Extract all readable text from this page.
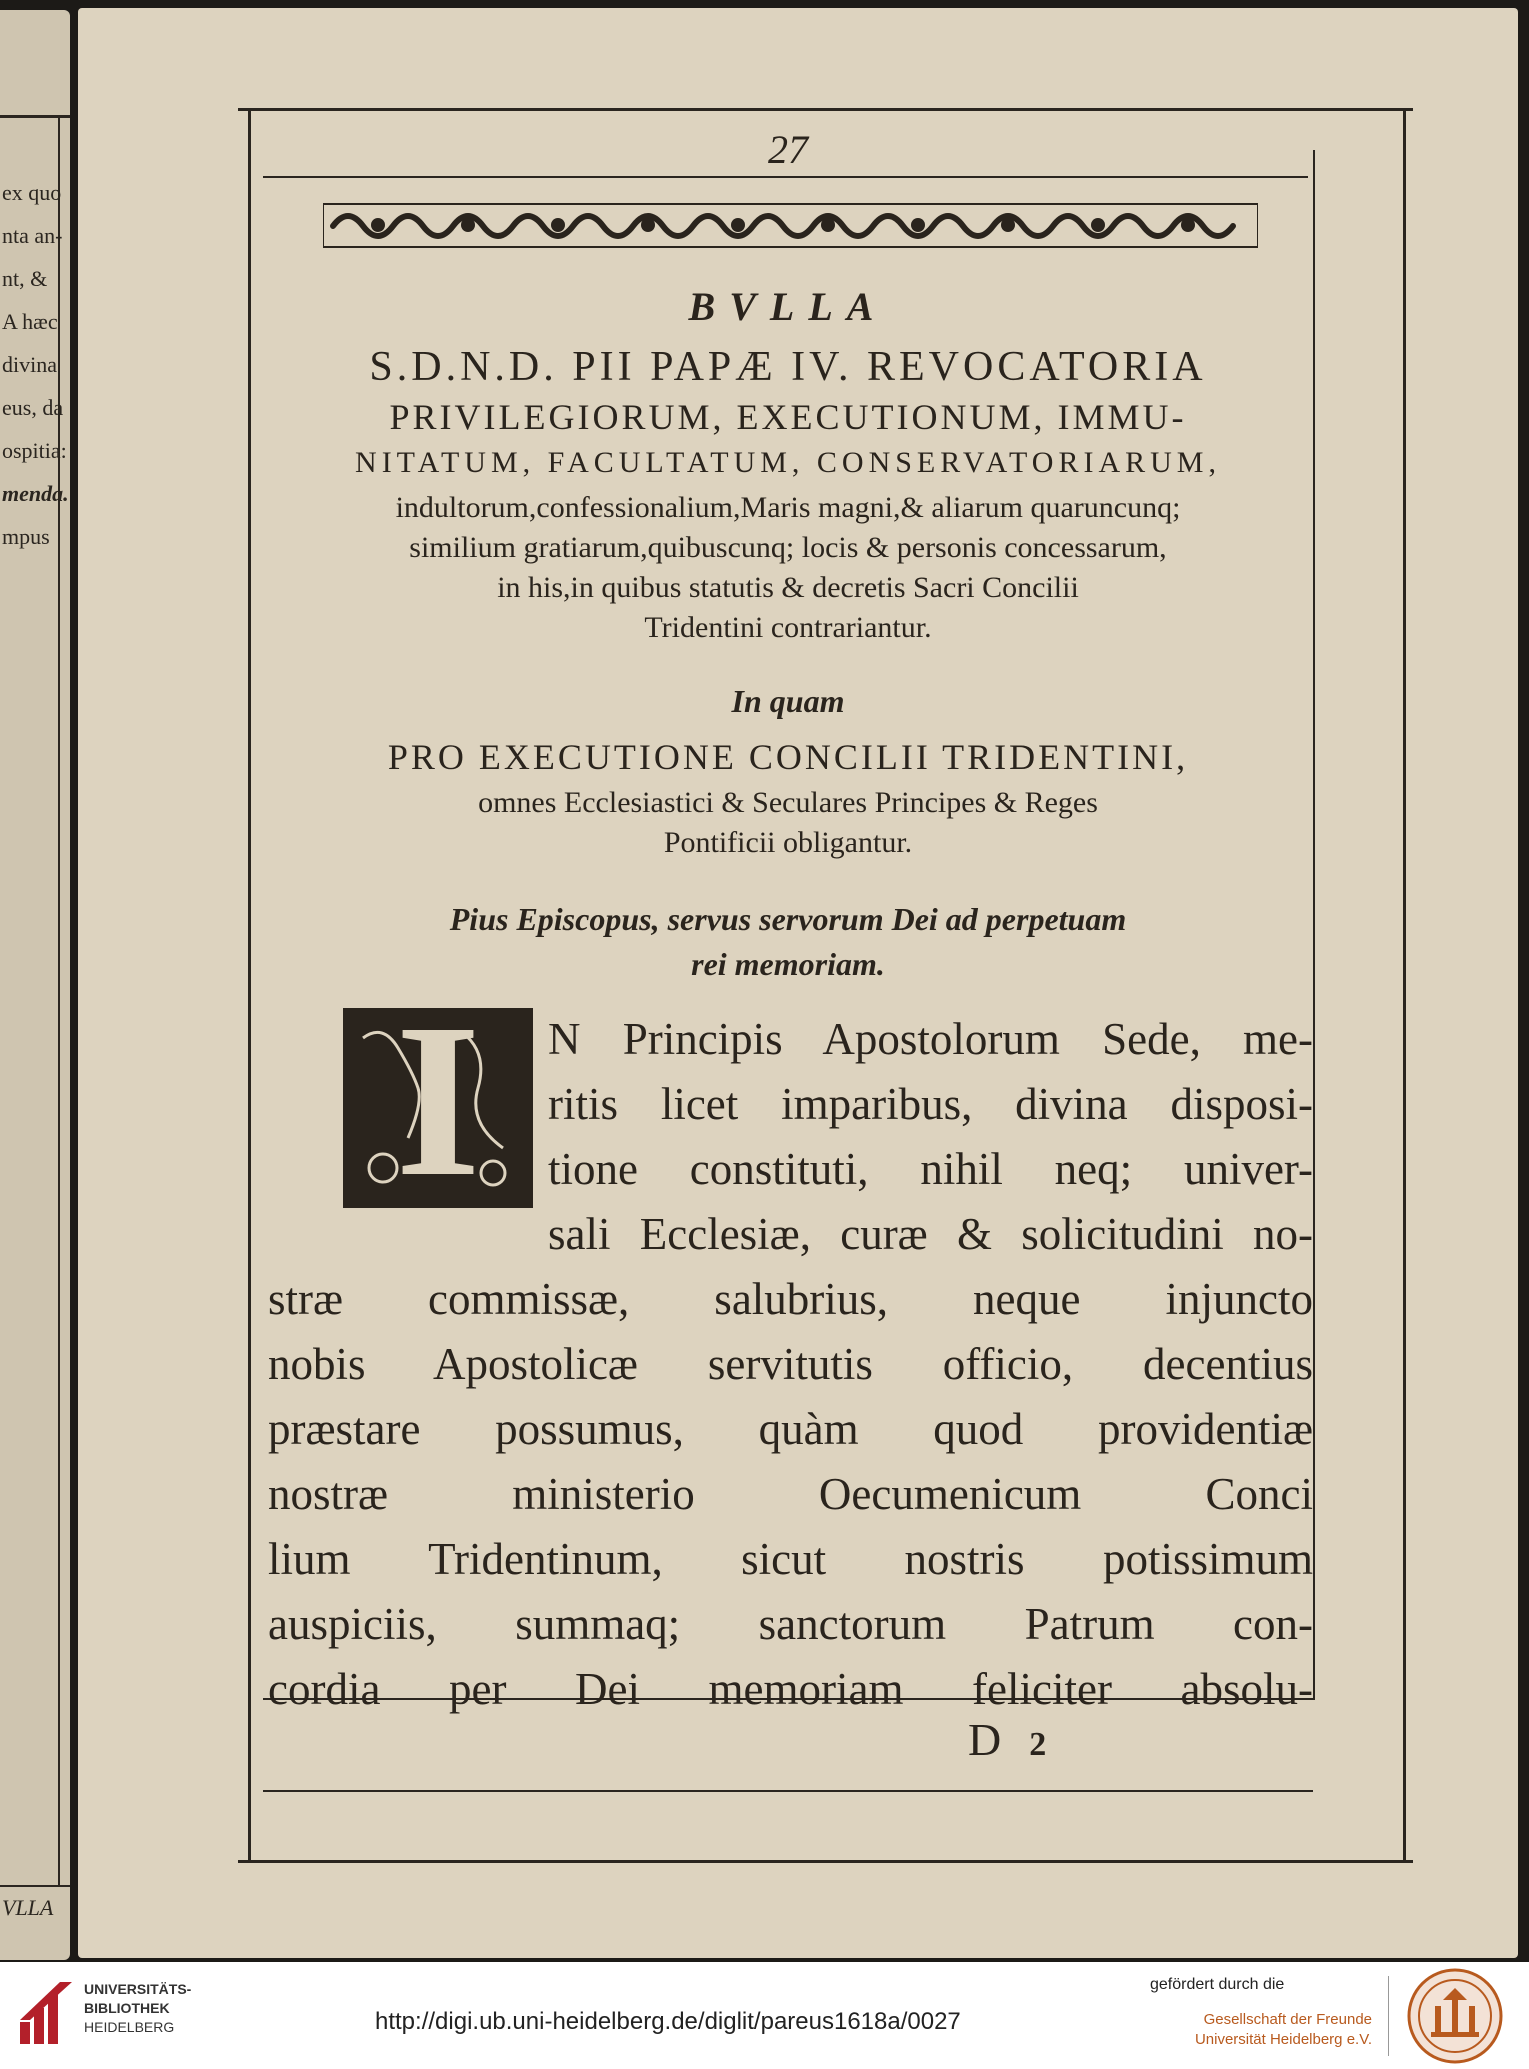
ex quo
nta an-
nt, &
A hæc
divina
eus, da
ospitia:
menda.
mpus
VLLA
27
BVLLA
S.D.N.D. PII PAPÆ IV. REVOCATORIA
PRIVILEGIORUM, EXECUTIONUM, IMMU-
NITATUM, FACULTATUM, CONSERVATORIARUM,
indultorum,confessionalium,Maris magni,& aliarum quaruncunq;
similium gratiarum,quibuscunq; locis & personis concessarum,
in his,in quibus statutis & decretis Sacri Concilii
Tridentini contrariantur.
In quam
PRO EXECUTIONE CONCILII TRIDENTINI,
omnes Ecclesiastici & Seculares Principes & Reges
Pontificii obligantur.
Pius Episcopus, servus servorum Dei ad perpetuam
rei memoriam.
I	N Principis Apostolorum Sede, me-
ritis licet imparibus, divina disposi-
tione constituti, nihil neq; univer-
sali Ecclesiæ, curæ & solicitudini no-
stræ commissæ, salubrius, neque injuncto
nobis Apostolicæ servitutis officio, decentius
præstare possumus, quàm quod providentiæ
nostræ ministerio Oecumenicum Conci
lium Tridentinum, sicut nostris potissimum
auspiciis, summaq; sanctorum Patrum con-
cordia per Dei memoriam feliciter absolu-
D 2
UNIVERSITÄTS-
BIBLIOTHEK
HEIDELBERG	http://digi.ub.uni-heidelberg.de/diglit/pareus1618a/0027
gefördert durch die
Gesellschaft der Freunde
Universität Heidelberg e.V.
